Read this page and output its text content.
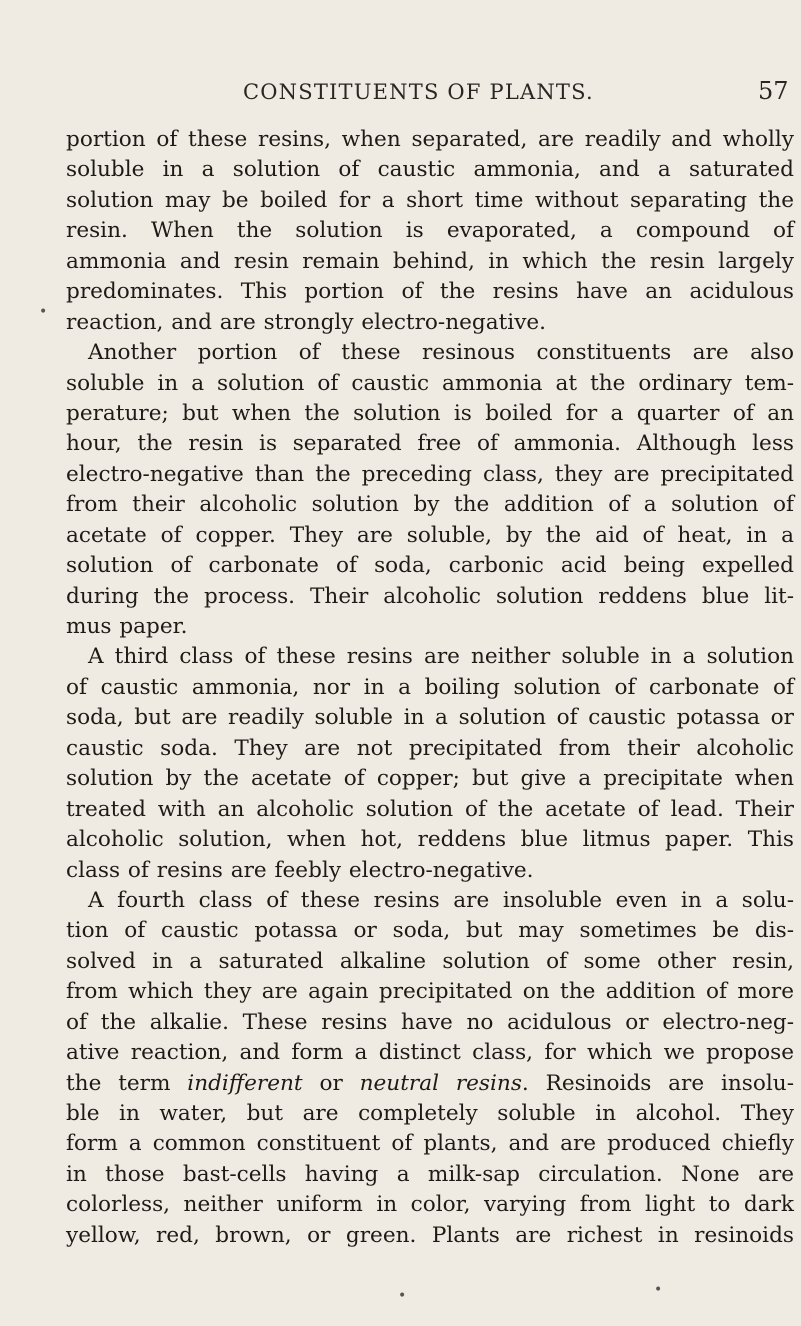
CONSTITUENTS OF PLANTS.	57
portion of these resins, when separated, are readily and wholly
soluble in a solution of caustic ammonia, and a saturated
solution may be boiled for a short time without separating the
resin. When the solution is evaporated, a compound of
ammonia and resin remain behind, in which the resin largely
predominates. This portion of the resins have an acidulous
reaction, and are strongly electro-negative.
Another portion of these resinous constituents are also
soluble in a solution of caustic ammonia at the ordinary tem-
perature; but when the solution is boiled for a quarter of an
hour, the resin is separated free of ammonia. Although less
electro-negative than the preceding class, they are precipitated
from their alcoholic solution by the addition of a solution of
acetate of copper. They are soluble, by the aid of heat, in a
solution of carbonate of soda, carbonic acid being expelled
during the process. Their alcoholic solution reddens blue lit-
mus paper.
A third class of these resins are neither soluble in a solution
of caustic ammonia, nor in a boiling solution of carbonate of
soda, but are readily soluble in a solution of caustic potassa or
caustic soda. They are not precipitated from their alcoholic
solution by the acetate of copper; but give a precipitate when
treated with an alcoholic solution of the acetate of lead. Their
alcoholic solution, when hot, reddens blue litmus paper. This
class of resins are feebly electro-negative.
A fourth class of these resins are insoluble even in a solu-
tion of caustic potassa or soda, but may sometimes be dis-
solved in a saturated alkaline solution of some other resin,
from which they are again precipitated on the addition of more
of the alkalie. These resins have no acidulous or electro-neg-
ative reaction, and form a distinct class, for which we propose
the term indifferent or neutral resins. Resinoids are insolu-
ble in water, but are completely soluble in alcohol. They
form a common constituent of plants, and are produced chiefly
in those bast-cells having a milk-sap circulation. None are
colorless, neither uniform in color, varying from light to dark
yellow, red, brown, or green. Plants are richest in resinoids
•
•	•
